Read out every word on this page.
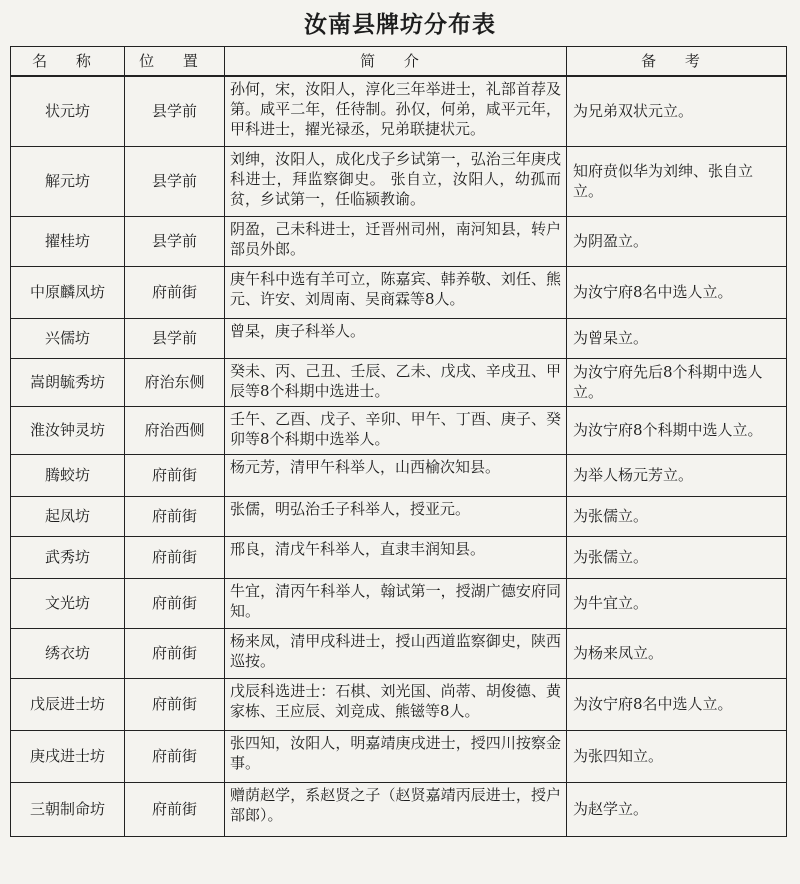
汝南县牌坊分布表
名 称	位 置	简 介	备 考
状元坊	县学前	孙何，宋，汝阳人，淳化三年举进士，礼部首荐及第。咸平二年，任待制。孙仅，何弟，咸平元年，甲科进士，擢光禄丞，兄弟联捷状元。	为兄弟双状元立。
解元坊	县学前	刘绅，汝阳人，成化戊子乡试第一，弘治三年庚戌科进士，拜监察御史。 张自立，汝阳人，幼孤而贫，乡试第一，任临颍教谕。	知府贲似华为刘绅、张自立立。
擢桂坊	县学前	阴盈，己未科进士，迁晋州司州，南河知县，转户部员外郎。	为阴盈立。
中原麟凤坊	府前街	庚午科中选有羊可立，陈嘉宾、韩养敬、刘任、熊元、许安、刘周南、吴商霖等8人。	为汝宁府8名中选人立。
兴儒坊	县学前	曾杲，庚子科举人。	为曾杲立。
嵩朗毓秀坊	府治东侧	癸未、丙、己丑、壬辰、乙未、戊戌、辛戌丑、甲辰等8个科期中选进士。	为汝宁府先后8个科期中选人立。
淮汝钟灵坊	府治西侧	壬午、乙酉、戊子、辛卯、甲午、丁酉、庚子、癸卯等8个科期中选举人。	为汝宁府8个科期中选人立。
腾蛟坊	府前街	杨元芳，清甲午科举人，山西榆次知县。	为举人杨元芳立。
起凤坊	府前街	张儒，明弘治壬子科举人，授亚元。	为张儒立。
武秀坊	府前街	邢良，清戊午科举人，直隶丰润知县。	为张儒立。
文光坊	府前街	牛宜，清丙午科举人，翰试第一，授湖广德安府同知。	为牛宜立。
绣衣坊	府前街	杨来凤，清甲戌科进士，授山西道监察御史，陕西巡按。	为杨来凤立。
戊辰进士坊	府前街	戊辰科选进士：石棋、刘光国、尚蒂、胡俊德、黄家栋、王应辰、刘竞成、熊镃等8人。	为汝宁府8名中选人立。
庚戌进士坊	府前街	张四知，汝阳人，明嘉靖庚戌进士，授四川按察金事。	为张四知立。
三朝制命坊	府前街	赠荫赵学，系赵贤之子（赵贤嘉靖丙辰进士，授户部郎）。	为赵学立。
